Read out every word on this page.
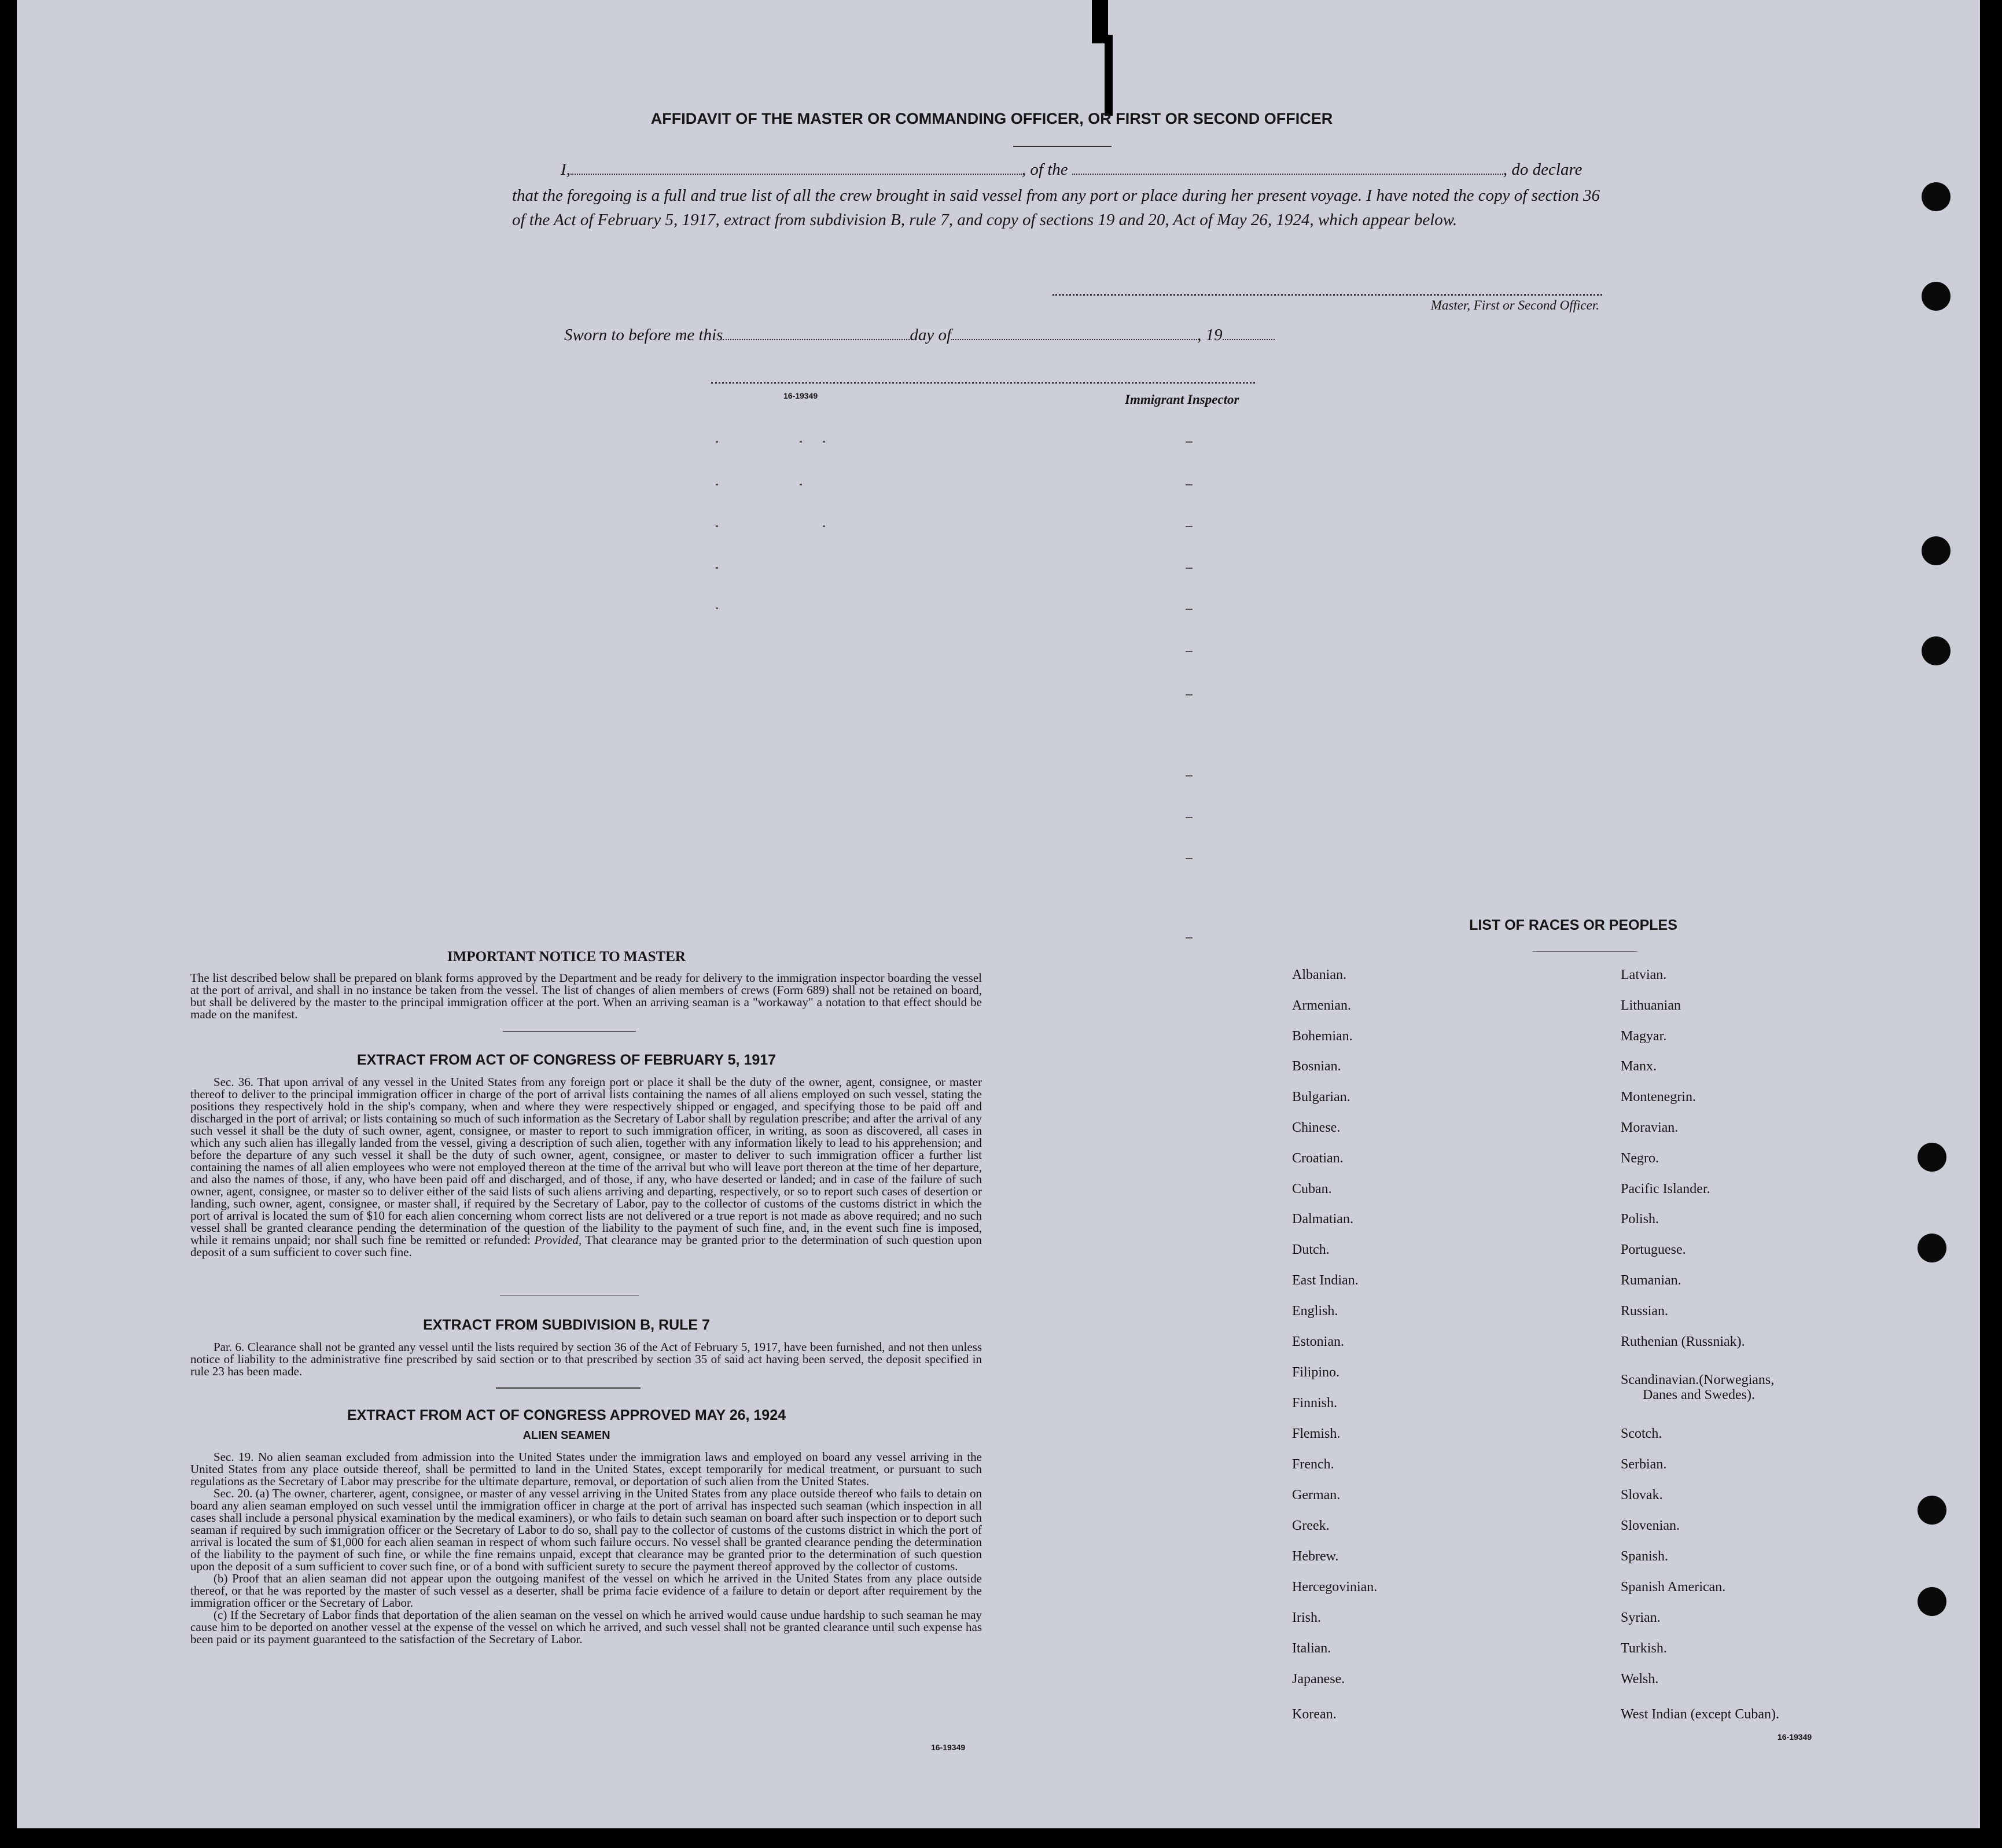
AFFIDAVIT OF THE MASTER OR COMMANDING OFFICER, OR FIRST OR SECOND OFFICER
I,	, of the	, do declare
that the foregoing is a full and true list of all the crew brought in said vessel from any port or place during her present voyage. I have noted the copy of section 36 of the Act of February 5, 1917, extract from subdivision B, rule 7, and copy of sections 19 and 20, Act of May 26, 1924, which appear below.
Master, First or Second Officer.
Sworn to before me this	day of	, 19
16-19349	Immigrant Inspector
IMPORTANT NOTICE TO MASTER
The list described below shall be prepared on blank forms approved by the Department and be ready for delivery to the immigration inspector boarding the vessel at the port of arrival, and shall in no instance be taken from the vessel. The list of changes of alien members of crews (Form 689) shall not be retained on board, but shall be delivered by the master to the principal immigration officer at the port. When an arriving seaman is a "workaway" a notation to that effect should be made on the manifest.
EXTRACT FROM ACT OF CONGRESS OF FEBRUARY 5, 1917

Sec. 36. That upon arrival of any vessel in the United States from any foreign port or place it shall be the duty of the owner, agent, consignee, or master thereof to deliver to the principal immigration officer in charge of the port of arrival lists containing the names of all aliens employed on such vessel, stating the positions they respectively hold in the ship's company, when and where they were respectively shipped or engaged, and specifying those to be paid off and discharged in the port of arrival; or lists containing so much of such information as the Secretary of Labor shall by regulation prescribe; and after the arrival of any such vessel it shall be the duty of such owner, agent, consignee, or master to report to such immigration officer, in writing, as soon as discovered, all cases in which any such alien has illegally landed from the vessel, giving a description of such alien, together with any information likely to lead to his apprehension; and before the departure of any such vessel it shall be the duty of such owner, agent, consignee, or master to deliver to such immigration officer a further list containing the names of all alien employees who were not employed thereon at the time of the arrival but who will leave port thereon at the time of her departure, and also the names of those, if any, who have been paid off and discharged, and of those, if any, who have deserted or landed; and in case of the failure of such owner, agent, consignee, or master so to deliver either of the said lists of such aliens arriving and departing, respectively, or so to report such cases of desertion or landing, such owner, agent, consignee, or master shall, if required by the Secretary of Labor, pay to the collector of customs of the customs district in which the port of arrival is located the sum of $10 for each alien concerning whom correct lists are not delivered or a true report is not made as above required; and no such vessel shall be granted clearance pending the determination of the question of the liability to the payment of such fine, and, in the event such fine is imposed, while it remains unpaid; nor shall such fine be remitted or refunded: Provided, That clearance may be granted prior to the determination of such question upon deposit of a sum sufficient to cover such fine.

EXTRACT FROM SUBDIVISION B, RULE 7

Par. 6. Clearance shall not be granted any vessel until the lists required by section 36 of the Act of February 5, 1917, have been furnished, and not then unless notice of liability to the administrative fine prescribed by said section or to that prescribed by section 35 of said act having been served, the deposit specified in rule 23 has been made.

EXTRACT FROM ACT OF CONGRESS APPROVED MAY 26, 1924
ALIEN SEAMEN

Sec. 19. No alien seaman excluded from admission into the United States under the immigration laws and employed on board any vessel arriving in the United States from any place outside thereof, shall be permitted to land in the United States, except temporarily for medical treatment, or pursuant to such regulations as the Secretary of Labor may prescribe for the ultimate departure, removal, or deportation of such alien from the United States.

Sec. 20. (a) The owner, charterer, agent, consignee, or master of any vessel arriving in the United States from any place outside thereof who fails to detain on board any alien seaman employed on such vessel until the immigration officer in charge at the port of arrival has inspected such seaman (which inspection in all cases shall include a personal physical examination by the medical examiners), or who fails to detain such seaman on board after such inspection or to deport such seaman if required by such immigration officer or the Secretary of Labor to do so, shall pay to the collector of customs of the customs district in which the port of arrival is located the sum of $1,000 for each alien seaman in respect of whom such failure occurs. No vessel shall be granted clearance pending the determination of the liability to the payment of such fine, or while the fine remains unpaid, except that clearance may be granted prior to the determination of such question upon the deposit of a sum sufficient to cover such fine, or of a bond with sufficient surety to secure the payment thereof approved by the collector of customs.

(b) Proof that an alien seaman did not appear upon the outgoing manifest of the vessel on which he arrived in the United States from any place outside thereof, or that he was reported by the master of such vessel as a deserter, shall be prima facie evidence of a failure to detain or deport after requirement by the immigration officer or the Secretary of Labor.

(c) If the Secretary of Labor finds that deportation of the alien seaman on the vessel on which he arrived would cause undue hardship to such seaman he may cause him to be deported on another vessel at the expense of the vessel on which he arrived, and such vessel shall not be granted clearance until such expense has been paid or its payment guaranteed to the satisfaction of the Secretary of Labor.

16-19349
LIST OF RACES OR PEOPLES
Albanian.
Armenian.
Bohemian.
Bosnian.
Bulgarian.
Chinese.
Croatian.
Cuban.
Dalmatian.
Dutch.
East Indian.
English.
Estonian.
Filipino.
Finnish.
Flemish.
French.
German.
Greek.
Hebrew.
Hercegovinian.
Irish.
Italian.
Japanese.
Korean.
Latvian.
Lithuanian
Magyar.
Manx.
Montenegrin.
Moravian.
Negro.
Pacific Islander.
Polish.
Portuguese.
Rumanian.
Russian.
Ruthenian (Russniak).
Scandinavian.(Norwegians,
Danes and Swedes).
Scotch.
Serbian.
Slovak.
Slovenian.
Spanish.
Spanish American.
Syrian.
Turkish.
Welsh.
West Indian (except Cuban).
16-19349
